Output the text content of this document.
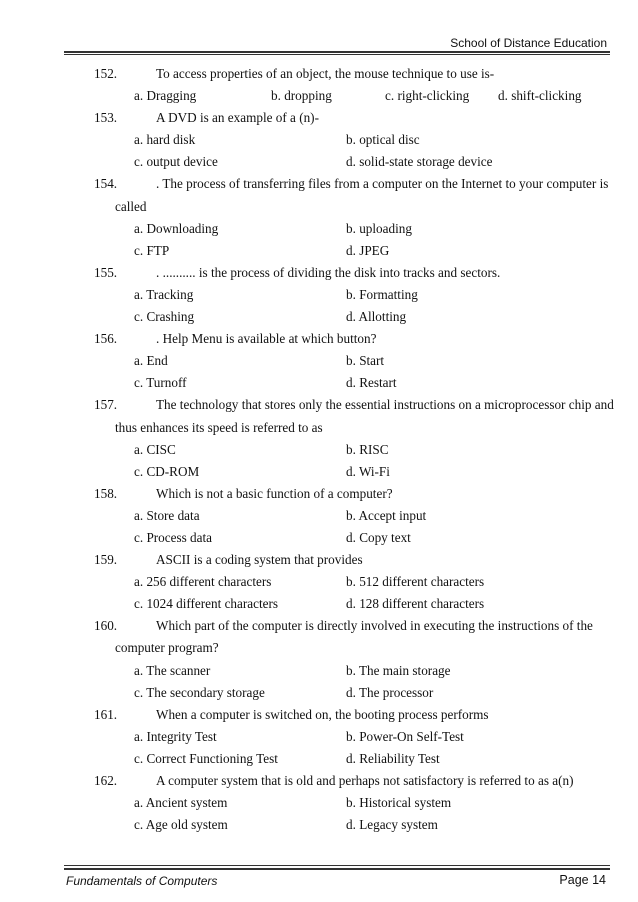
School of Distance Education
152.	To access properties of an object, the mouse technique to use is-
a. Dragging	b. dropping	c. right-clicking d. shift-clicking
153.	A DVD is an example of a (n)-
a. hard disk	b. optical disc
c. output device	d. solid-state storage device
154.	. The process of transferring files from a computer on the Internet to your computer is
called
a. Downloading	b. uploading
c. FTP	d. JPEG
155.	. .......... is the process of dividing the disk into tracks and sectors.
a. Tracking	b. Formatting
c. Crashing	d. Allotting
156.	. Help Menu is available at which button?
a. End	b. Start
c. Turnoff	d. Restart
157.	The technology that stores only the essential instructions on a microprocessor chip and
thus enhances its speed is referred to as
a. CISC	b. RISC
c. CD-ROM	d. Wi-Fi
158.	Which is not a basic function of a computer?
a. Store data	b. Accept input
c. Process data	d. Copy text
159.	ASCII is a coding system that provides
a. 256 different characters	b. 512 different characters
c. 1024 different characters	d. 128 different characters
160.	Which part of the computer is directly involved in executing the instructions of the
computer program?
a. The scanner	b. The main storage
c. The secondary storage	d. The processor
161.	When a computer is switched on, the booting process performs
a. Integrity Test	b. Power-On Self-Test
c. Correct Functioning Test	d. Reliability Test
162.	A computer system that is old and perhaps not satisfactory is referred to as a(n)
a. Ancient system	b. Historical system
c. Age old system	d. Legacy system
Fundamentals of Computers	Page 14
